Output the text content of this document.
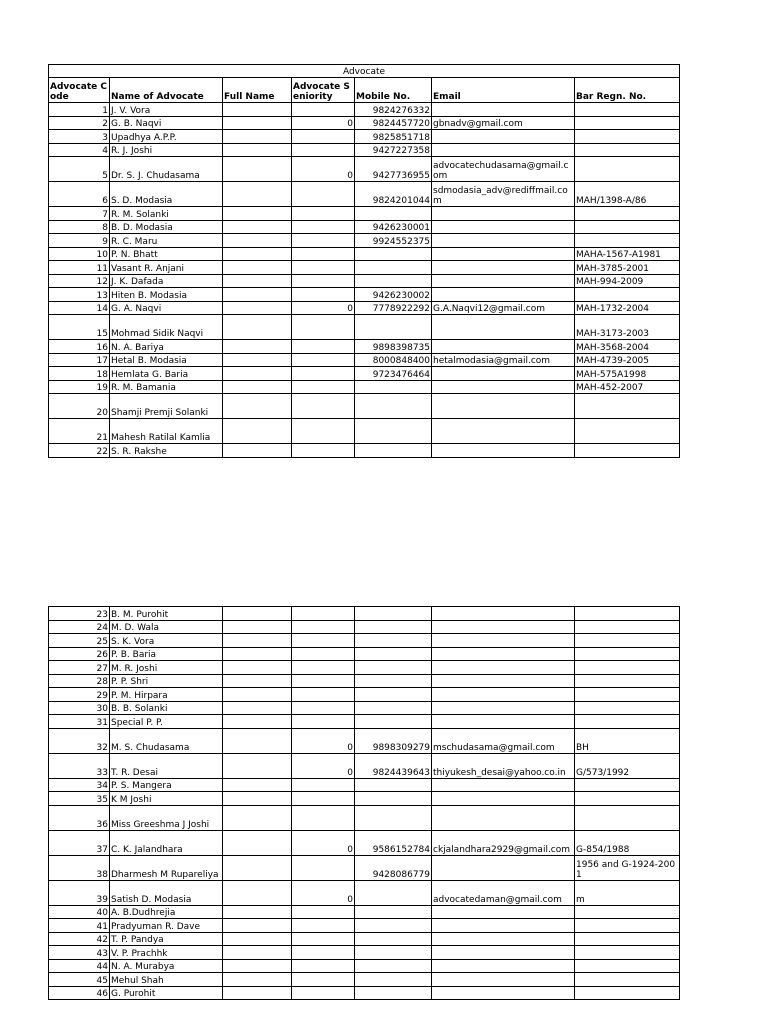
Advocate						
Advocate Code	Name of Advocate	Full Name	Advocate Seniority	Mobile No.	Email	Bar Regn. No.
1	J. V. Vora			9824276332		
2	G. B. Naqvi		0	9824457720	gbnadv@gmail.com	
3	Upadhya A.P.P.			9825851718		
4	R. J. Joshi			9427227358		
5	Dr. S. J. Chudasama		0	9427736955	advocatechudasama@gmail.com	
6	S. D. Modasia			9824201044	sdmodasia_adv@rediffmail.com	MAH/1398-A/86
7	R. M. Solanki					
8	B. D. Modasia			9426230001		
9	R. C. Maru			9924552375		
10	P. N. Bhatt					MAHA-1567-A1981
11	Vasant R. Anjani					MAH-3785-2001
12	J. K. Dafada					MAH-994-2009
13	Hiten B. Modasia			9426230002		
14	G. A. Naqvi		0	7778922292	G.A.Naqvi12@gmail.com	MAH-1732-2004
15	Mohmad Sidik Naqvi					MAH-3173-2003
16	N. A. Bariya			9898398735		MAH-3568-2004
17	Hetal B. Modasia			8000848400	hetalmodasia@gmail.com	MAH-4739-2005
18	Hemlata G. Baria			9723476464		MAH-575A1998
19	R. M. Bamania					MAH-452-2007
20	Shamji Premji Solanki					
21	Mahesh Ratilal Kamlia					
22	S. R. Rakshe					
23	B. M. Purohit					
24	M. D. Wala					
25	S. K. Vora					
26	P. B. Baria					
27	M. R. Joshi					
28	P. P. Shri					
29	P. M. Hirpara					
30	B. B. Solanki					
31	Special P. P.					
32	M. S. Chudasama		0	9898309279	mschudasama@gmail.com	BH
33	T. R. Desai		0	9824439643	thiyukesh_desai@yahoo.co.in	G/573/1992
34	P. S. Mangera					
35	K M Joshi					
36	Miss Greeshma J Joshi					
37	C. K. Jalandhara		0	9586152784	ckjalandhara2929@gmail.com	G-854/1988
38	Dharmesh M Rupareliya			9428086779		1956 and G-1924-2001
39	Satish D. Modasia		0		advocatedaman@gmail.com	m
40	A. B.Dudhrejia					
41	Pradyuman R. Dave					
42	T. P. Pandya					
43	V. P. Prachhk					
44	N. A. Murabya					
45	Mehul Shah					
46	G. Purohit					
